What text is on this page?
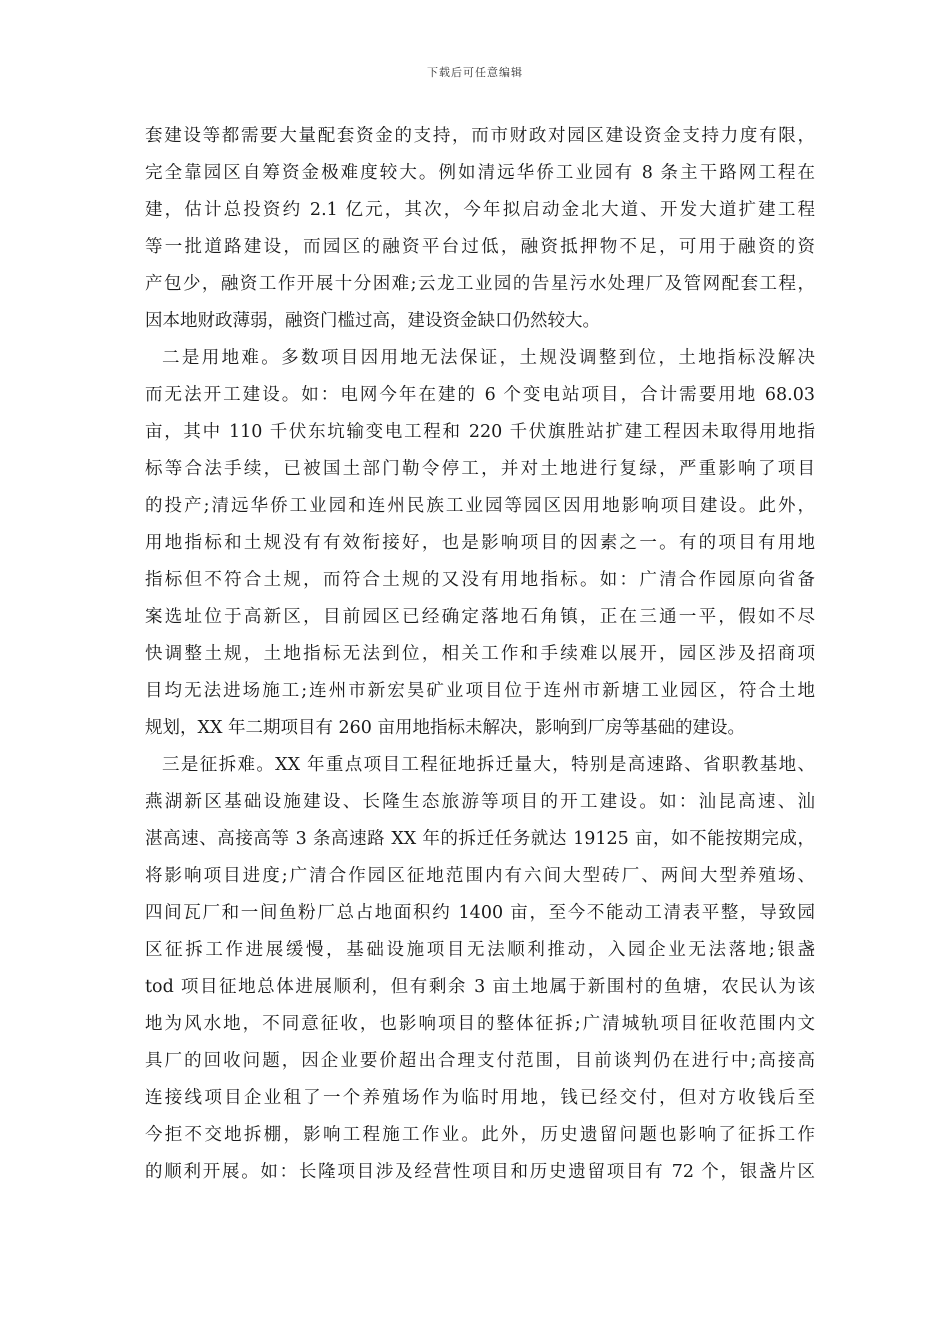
下载后可任意编辑
套建设等都需要大量配套资金的支持，而市财政对园区建设资金支持力度有限，
完全靠园区自筹资金极难度较大。例如清远华侨工业园有 8 条主干路网工程在
建，估计总投资约 2.1 亿元，其次，今年拟启动金北大道、开发大道扩建工程
等一批道路建设，而园区的融资平台过低，融资抵押物不足，可用于融资的资
产包少，融资工作开展十分困难;云龙工业园的告星污水处理厂及管网配套工程，
因本地财政薄弱，融资门槛过高，建设资金缺口仍然较大。
二是用地难。多数项目因用地无法保证，土规没调整到位，土地指标没解决
而无法开工建设。如：电网今年在建的 6 个变电站项目，合计需要用地 68.03
亩，其中 110 千伏东坑输变电工程和 220 千伏旗胜站扩建工程因未取得用地指
标等合法手续，已被国土部门勒令停工，并对土地进行复绿，严重影响了项目
的投产;清远华侨工业园和连州民族工业园等园区因用地影响项目建设。此外，
用地指标和土规没有有效衔接好，也是影响项目的因素之一。有的项目有用地
指标但不符合土规，而符合土规的又没有用地指标。如：广清合作园原向省备
案选址位于高新区，目前园区已经确定落地石角镇，正在三通一平，假如不尽
快调整土规，土地指标无法到位，相关工作和手续难以展开，园区涉及招商项
目均无法进场施工;连州市新宏昊矿业项目位于连州市新塘工业园区，符合土地
规划，XX 年二期项目有 260 亩用地指标未解决，影响到厂房等基础的建设。
三是征拆难。XX 年重点项目工程征地拆迁量大，特别是高速路、省职教基地、
燕湖新区基础设施建设、长隆生态旅游等项目的开工建设。如：汕昆高速、汕
湛高速、高接高等 3 条高速路 XX 年的拆迁任务就达 19125 亩，如不能按期完成，
将影响项目进度;广清合作园区征地范围内有六间大型砖厂、两间大型养殖场、
四间瓦厂和一间鱼粉厂总占地面积约 1400 亩，至今不能动工清表平整，导致园
区征拆工作进展缓慢，基础设施项目无法顺利推动，入园企业无法落地;银盏
tod 项目征地总体进展顺利，但有剩余 3 亩土地属于新围村的鱼塘，农民认为该
地为风水地，不同意征收，也影响项目的整体征拆;广清城轨项目征收范围内文
具厂的回收问题，因企业要价超出合理支付范围，目前谈判仍在进行中;高接高
连接线项目企业租了一个养殖场作为临时用地，钱已经交付，但对方收钱后至
今拒不交地拆棚，影响工程施工作业。此外，历史遗留问题也影响了征拆工作
的顺利开展。如：长隆项目涉及经营性项目和历史遗留项目有 72 个，银盏片区
